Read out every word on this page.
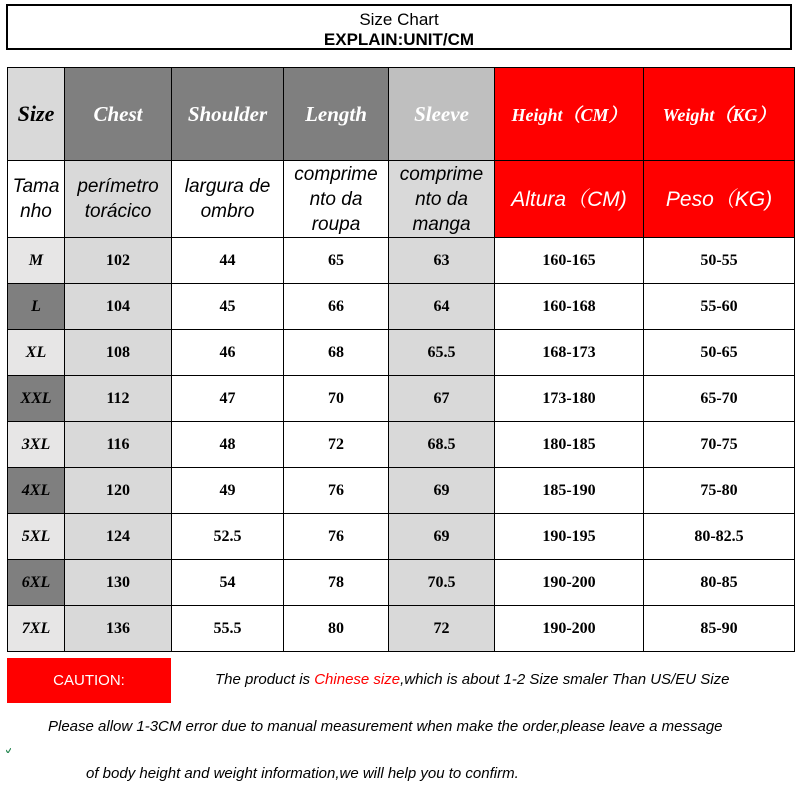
Size Chart
EXPLAIN:UNIT/CM
Size	Chest	Shoulder	Length	Sleeve	Height（CM）	Weight（KG）
Tama nho	perímetro torácico	largura de ombro	comprime nto da roupa	comprime nto da manga	Altura（CM)	Peso（KG)
M	102	44	65	63	160-165	50-55
L	104	45	66	64	160-168	55-60
XL	108	46	68	65.5	168-173	50-65
XXL	112	47	70	67	173-180	65-70
3XL	116	48	72	68.5	180-185	70-75
4XL	120	49	76	69	185-190	75-80
5XL	124	52.5	76	69	190-195	80-82.5
6XL	130	54	78	70.5	190-200	80-85
7XL	136	55.5	80	72	190-200	85-90
CAUTION:	The product is Chinese size,which is about 1-2 Size smaler Than US/EU Size
Please allow 1-3CM error due to manual measurement when make the order,please leave a message
of body height and weight information,we will help you to confirm.
